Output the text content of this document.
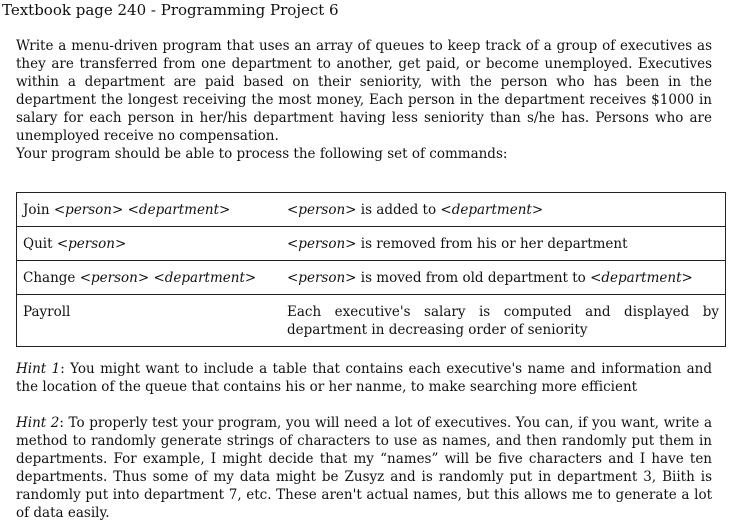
Textbook page 240 - Programming Project 6
Write a menu-driven program that uses an array of queues to keep track of a group of executives as they are transferred from one department to another, get paid, or become unemployed. Executives within a department are paid based on their seniority, with the person who has been in the department the longest receiving the most money, Each person in the department receives $1000 in salary for each person in her/his department having less seniority than s/he has. Persons who are unemployed receive no compensation.
Your program should be able to process the following set of commands:
Join <person> <department>	<person> is added to <department>
Quit <person>	<person> is removed from his or her department
Change <person> <department>	<person> is moved from old department to <department>
Payroll	Each executive's salary is computed and displayed by department in decreasing order of seniority
Hint 1: You might want to include a table that contains each executive's name and information and the location of the queue that contains his or her nanme, to make searching more efficient
Hint 2: To properly test your program, you will need a lot of executives. You can, if you want, write a method to randomly generate strings of characters to use as names, and then randomly put them in departments. For example, I might decide that my “names” will be five characters and I have ten departments. Thus some of my data might be Zusyz and is randomly put in department 3, Biith is randomly put into department 7, etc. These aren't actual names, but this allows me to generate a lot of data easily.
